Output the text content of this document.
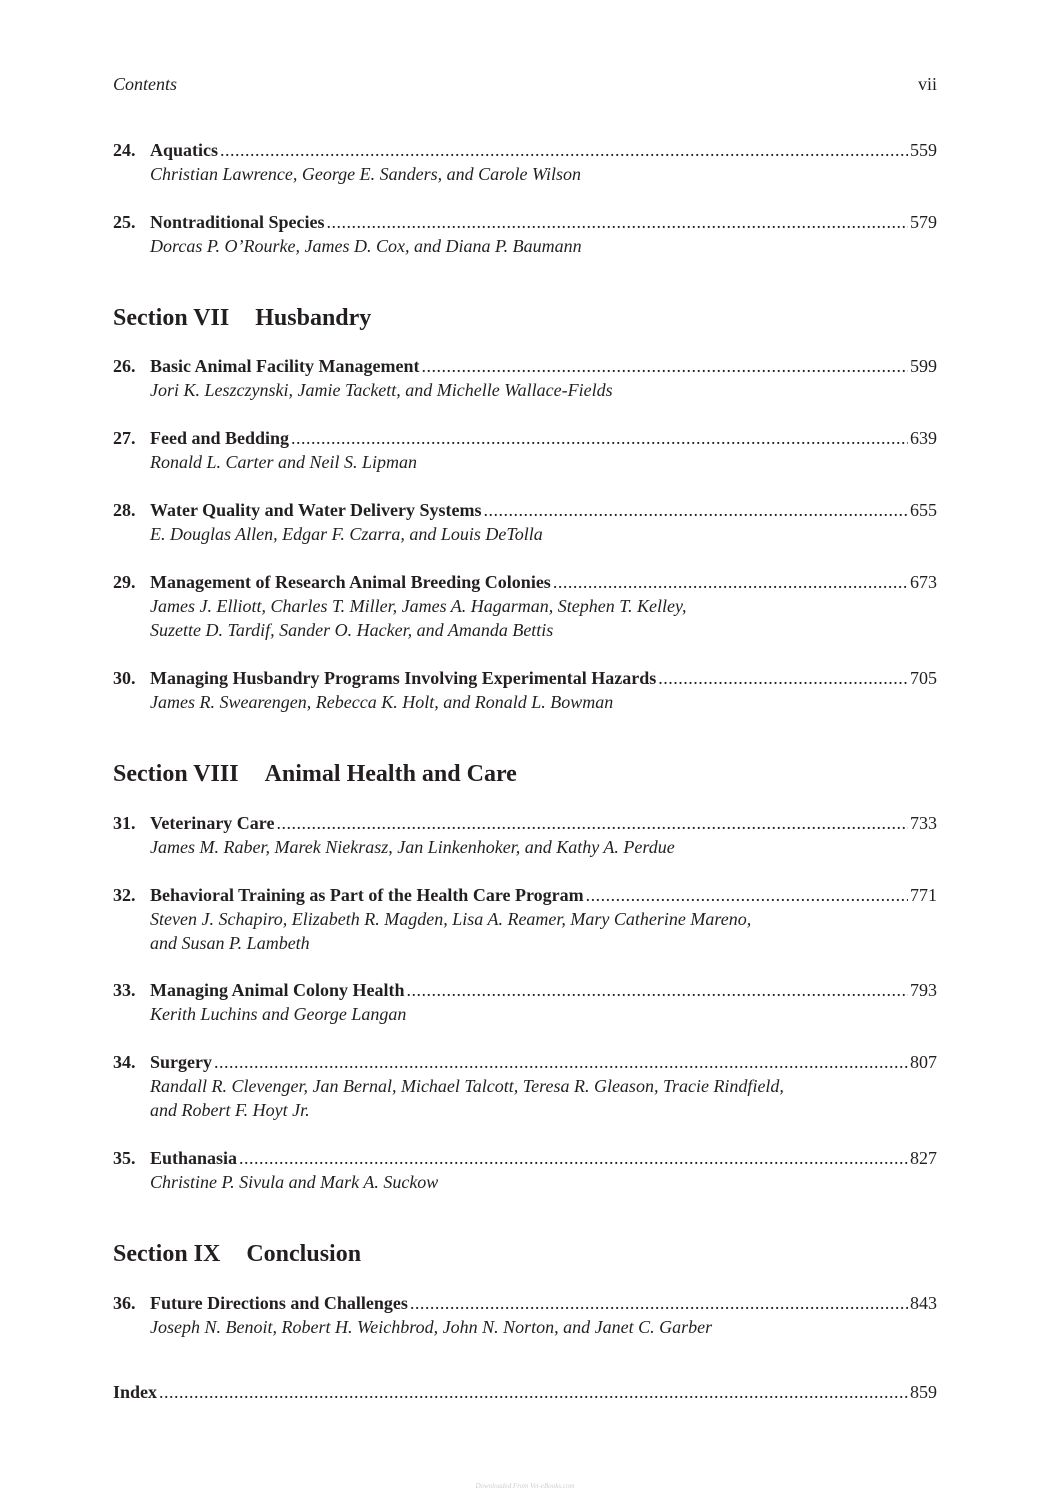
Contents	vii
24. Aquatics .....	559
Christian Lawrence, George E. Sanders, and Carole Wilson
25. Nontraditional Species .....	579
Dorcas P. O’Rourke, James D. Cox, and Diana P. Baumann
Section VII Husbandry
26. Basic Animal Facility Management .....	599
Jori K. Leszczynski, Jamie Tackett, and Michelle Wallace-Fields
27. Feed and Bedding .....	639
Ronald L. Carter and Neil S. Lipman
28. Water Quality and Water Delivery Systems .....	655
E. Douglas Allen, Edgar F. Czarra, and Louis DeTolla
29. Management of Research Animal Breeding Colonies .....	673
James J. Elliott, Charles T. Miller, James A. Hagarman, Stephen T. Kelley,
Suzette D. Tardif, Sander O. Hacker, and Amanda Bettis
30. Managing Husbandry Programs Involving Experimental Hazards .....	705
James R. Swearengen, Rebecca K. Holt, and Ronald L. Bowman
Section VIII Animal Health and Care
31. Veterinary Care .....	733
James M. Raber, Marek Niekrasz, Jan Linkenhoker, and Kathy A. Perdue
32. Behavioral Training as Part of the Health Care Program .....	771
Steven J. Schapiro, Elizabeth R. Magden, Lisa A. Reamer, Mary Catherine Mareno,
and Susan P. Lambeth
33. Managing Animal Colony Health .....	793
Kerith Luchins and George Langan
34. Surgery .....	807
Randall R. Clevenger, Jan Bernal, Michael Talcott, Teresa R. Gleason, Tracie Rindfield,
and Robert F. Hoyt Jr.
35. Euthanasia .....	827
Christine P. Sivula and Mark A. Suckow
Section IX Conclusion
36. Future Directions and Challenges .....	843
Joseph N. Benoit, Robert H. Weichbrod, John N. Norton, and Janet C. Garber
Index .....	859
Downloaded From Vet-eBooks.com
